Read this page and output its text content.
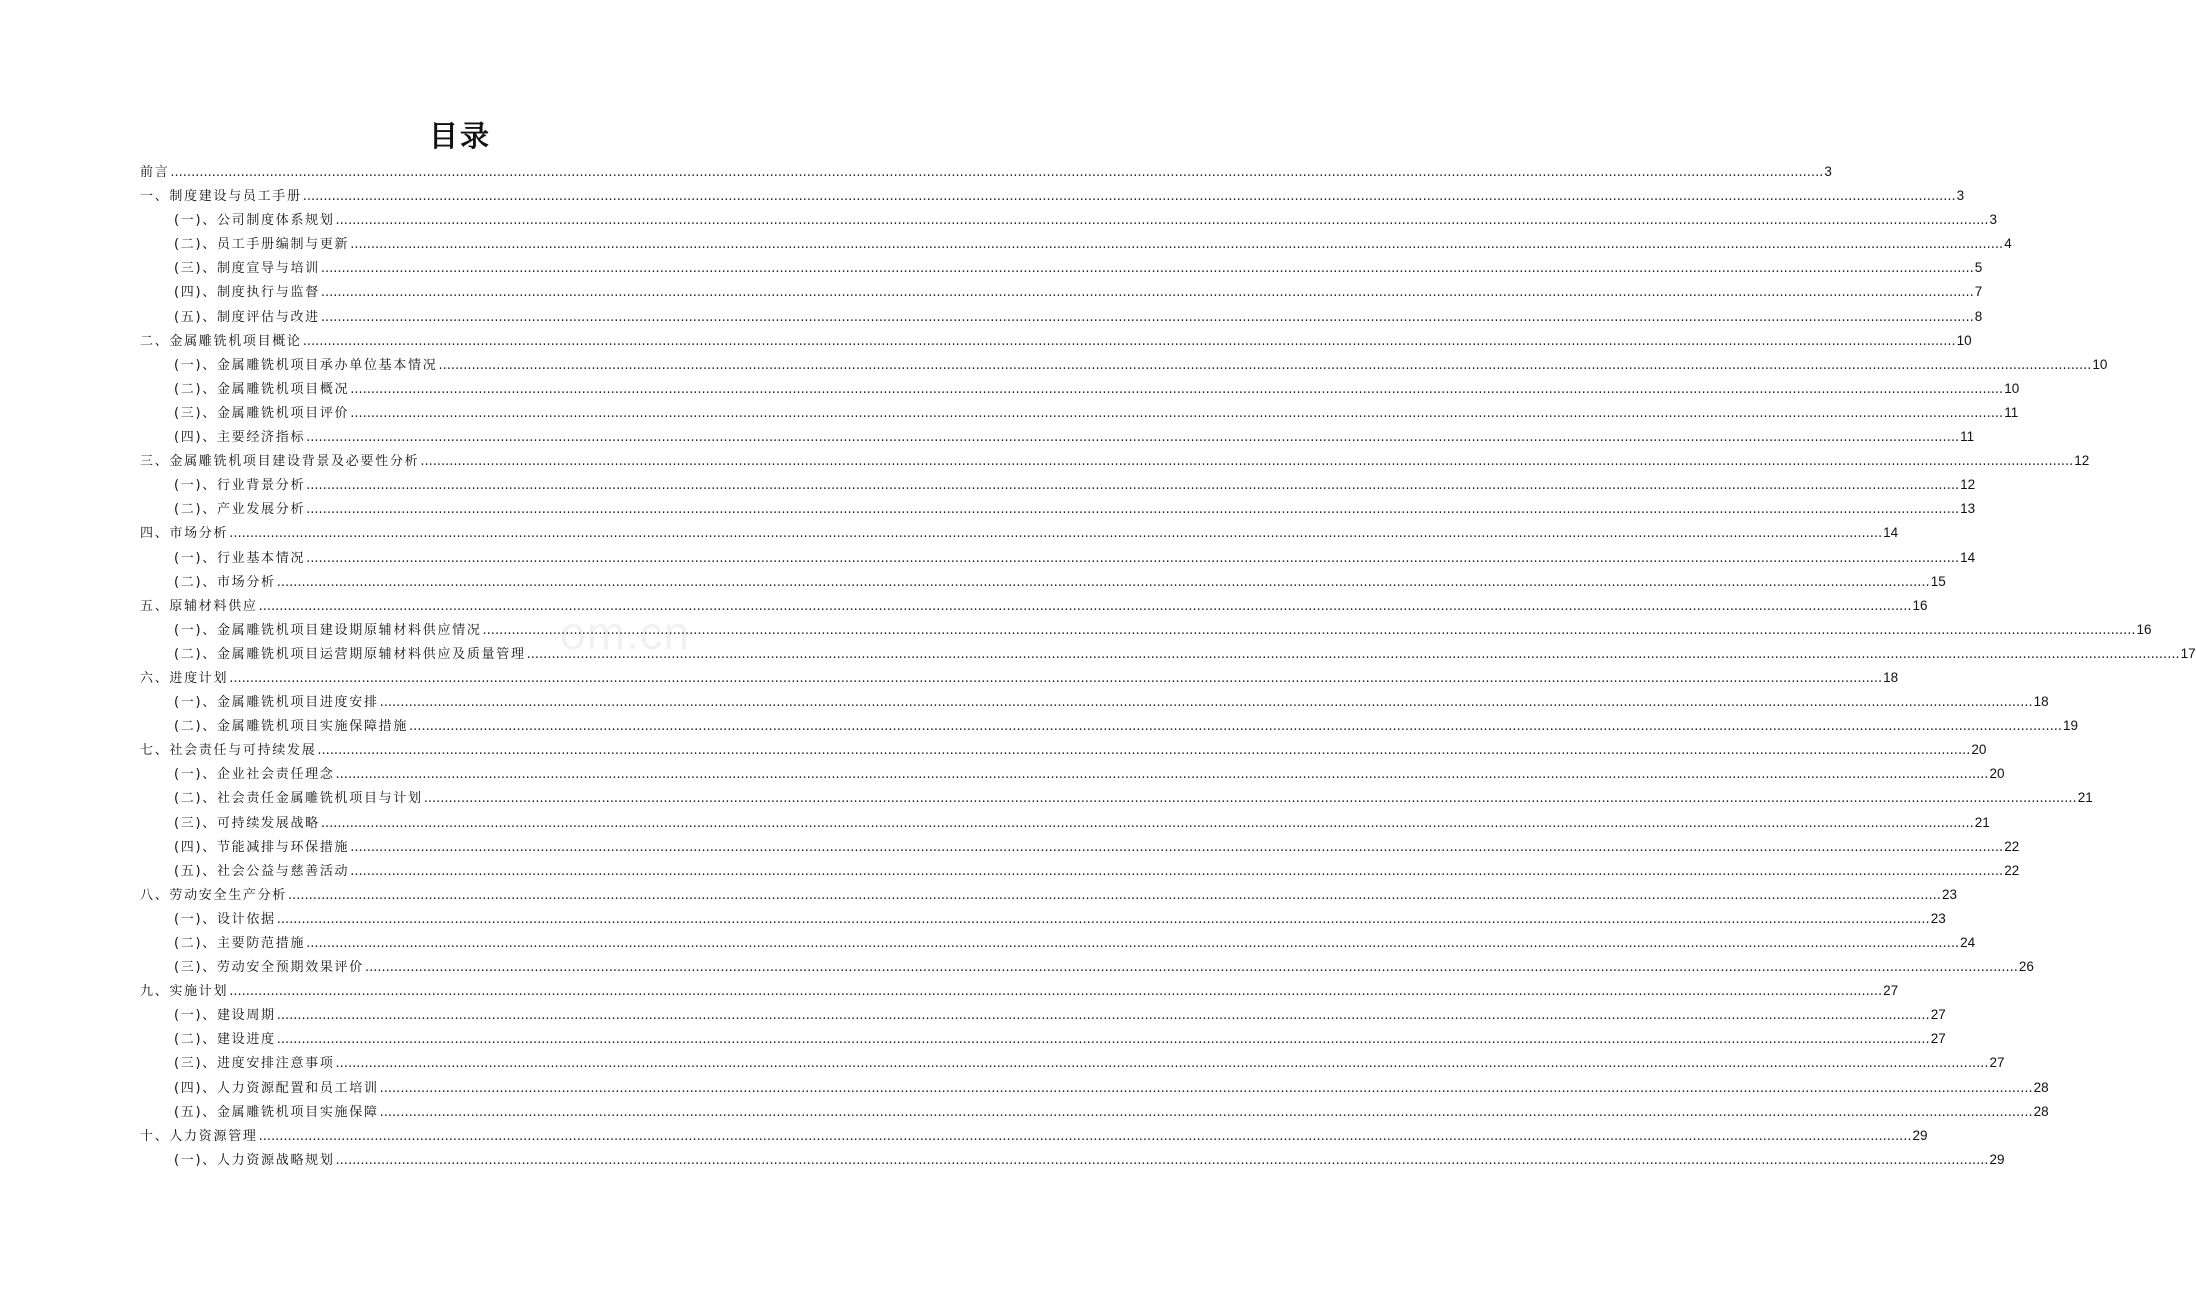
om.cn
目录
前言 ................................................................................................................................................................................................................................................................................................................................................................................................................ 3
一、制度建设与员工手册 ................................................................................................................................................................................................................................................................................................................................................................................................................ 3
(一)、公司制度体系规划 ................................................................................................................................................................................................................................................................................................................................................................................................................ 3
(二)、员工手册编制与更新 ................................................................................................................................................................................................................................................................................................................................................................................................................ 4
(三)、制度宣导与培训 ................................................................................................................................................................................................................................................................................................................................................................................................................ 5
(四)、制度执行与监督 ................................................................................................................................................................................................................................................................................................................................................................................................................ 7
(五)、制度评估与改进 ................................................................................................................................................................................................................................................................................................................................................................................................................ 8
二、金属雕铣机项目概论 ................................................................................................................................................................................................................................................................................................................................................................................................................ 10
(一)、金属雕铣机项目承办单位基本情况 ................................................................................................................................................................................................................................................................................................................................................................................................................ 10
(二)、金属雕铣机项目概况 ................................................................................................................................................................................................................................................................................................................................................................................................................ 10
(三)、金属雕铣机项目评价 ................................................................................................................................................................................................................................................................................................................................................................................................................ 11
(四)、主要经济指标 ................................................................................................................................................................................................................................................................................................................................................................................................................ 11
三、金属雕铣机项目建设背景及必要性分析 ................................................................................................................................................................................................................................................................................................................................................................................................................ 12
(一)、行业背景分析 ................................................................................................................................................................................................................................................................................................................................................................................................................ 12
(二)、产业发展分析 ................................................................................................................................................................................................................................................................................................................................................................................................................ 13
四、市场分析 ................................................................................................................................................................................................................................................................................................................................................................................................................ 14
(一)、行业基本情况 ................................................................................................................................................................................................................................................................................................................................................................................................................ 14
(二)、市场分析 ................................................................................................................................................................................................................................................................................................................................................................................................................ 15
五、原辅材料供应 ................................................................................................................................................................................................................................................................................................................................................................................................................ 16
(一)、金属雕铣机项目建设期原辅材料供应情况 ................................................................................................................................................................................................................................................................................................................................................................................................................ 16
(二)、金属雕铣机项目运营期原辅材料供应及质量管理 ................................................................................................................................................................................................................................................................................................................................................................................................................ 17
六、进度计划 ................................................................................................................................................................................................................................................................................................................................................................................................................ 18
(一)、金属雕铣机项目进度安排 ................................................................................................................................................................................................................................................................................................................................................................................................................ 18
(二)、金属雕铣机项目实施保障措施 ................................................................................................................................................................................................................................................................................................................................................................................................................ 19
七、社会责任与可持续发展 ................................................................................................................................................................................................................................................................................................................................................................................................................ 20
(一)、企业社会责任理念 ................................................................................................................................................................................................................................................................................................................................................................................................................ 20
(二)、社会责任金属雕铣机项目与计划 ................................................................................................................................................................................................................................................................................................................................................................................................................ 21
(三)、可持续发展战略 ................................................................................................................................................................................................................................................................................................................................................................................................................ 21
(四)、节能减排与环保措施 ................................................................................................................................................................................................................................................................................................................................................................................................................ 22
(五)、社会公益与慈善活动 ................................................................................................................................................................................................................................................................................................................................................................................................................ 22
八、劳动安全生产分析 ................................................................................................................................................................................................................................................................................................................................................................................................................ 23
(一)、设计依据 ................................................................................................................................................................................................................................................................................................................................................................................................................ 23
(二)、主要防范措施 ................................................................................................................................................................................................................................................................................................................................................................................................................ 24
(三)、劳动安全预期效果评价 ................................................................................................................................................................................................................................................................................................................................................................................................................ 26
九、实施计划 ................................................................................................................................................................................................................................................................................................................................................................................................................ 27
(一)、建设周期 ................................................................................................................................................................................................................................................................................................................................................................................................................ 27
(二)、建设进度 ................................................................................................................................................................................................................................................................................................................................................................................................................ 27
(三)、进度安排注意事项 ................................................................................................................................................................................................................................................................................................................................................................................................................ 27
(四)、人力资源配置和员工培训 ................................................................................................................................................................................................................................................................................................................................................................................................................ 28
(五)、金属雕铣机项目实施保障 ................................................................................................................................................................................................................................................................................................................................................................................................................ 28
十、人力资源管理 ................................................................................................................................................................................................................................................................................................................................................................................................................ 29
(一)、人力资源战略规划 ................................................................................................................................................................................................................................................................................................................................................................................................................ 29
